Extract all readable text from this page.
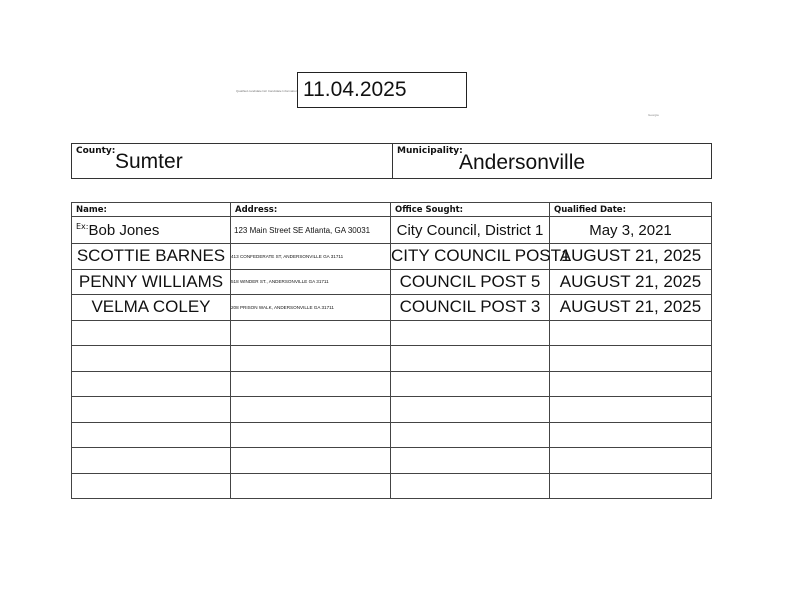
Qualified candidate list/ Candidate Information 11.04.2025
Georgia
County: Sumter	Municipality:
Andersonville
Name:	Address:	Office Sought:	Qualified Date:
$^{Ex:}$Bob Jones	123 Main Street SE Atlanta, GA 30031	City Council, District 1	May 3, 2021
SCOTTIE BARNES	413 CONFEDERATE ST, ANDERSONVILLE GA 31711	CITY COUNCIL POST1	AUGUST 21, 2025
PENNY WILLIAMS	518 WINDER ST., ANDERSONVILLE GA 31711	COUNCIL POST 5	AUGUST 21, 2025
VELMA COLEY	208 PRISON WALK, ANDERSONVILLE GA 31711	COUNCIL POST 3	AUGUST 21, 2025
